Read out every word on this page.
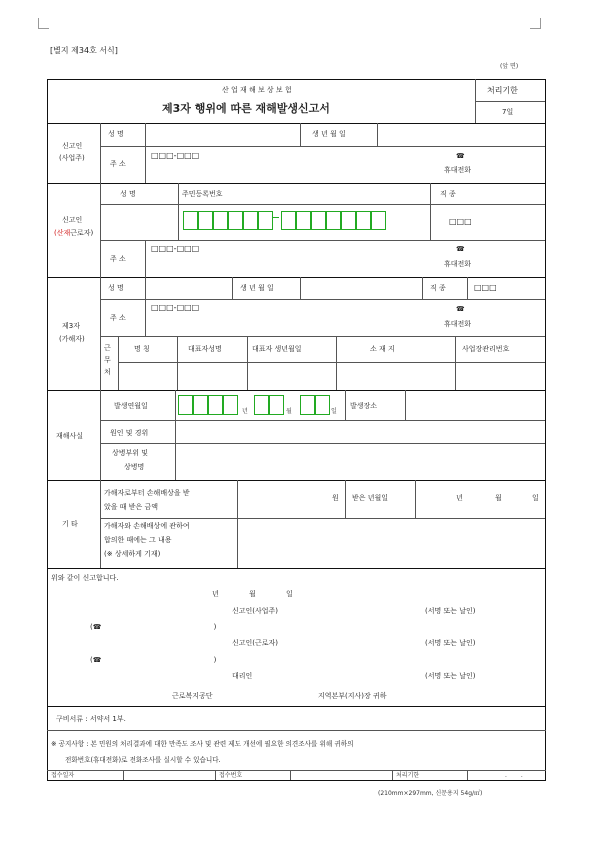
[별지 제34호 서식]
(앞 면)
산 업 재 해 보 상 보 험
제3자 행위에 따른 재해발생신고서
처리기한
7일
신고인
(사업주)
성 명	생 년 월 일
주 소
□□□-□□□	☎
휴대전화
신고인
(산재근로자)
성 명	주민등록번호	직 종
□□□
주 소
□□□-□□□	☎
휴대전화
제3자
(가해자)
성 명	생 년 월 일	직 종	□□□
주 소
□□□-□□□	☎
휴대전화
근무처
명 칭	대표자성명	대표자 생년월일	소 재 지	사업장관리번호
재해사실
발생연월일
년	월	일
발생장소
원인 및 경위
상병부위 및
상병명
기 타
가해자로부터 손해배상을 받
았을 때 받은 금액
원 받은 년월일	년	월	일
가해자와 손해배상에 관하여
합의한 때에는 그 내용
(※ 상세하게 기재)
위와 같이 신고합니다.
년 월 일
신고인(사업주)	(서명 또는 날인)
(☎ )
신고인(근로자)	(서명 또는 날인)
(☎ )
대리인	(서명 또는 날인)
근로복지공단	지역본부(지사)장 귀하
구비서류 : 서약서 1부.
※ 공지사항 : 본 민원의 처리결과에 대한 만족도 조사 및 관련 제도 개선에 필요한 의견조사를 위해 귀하의
전화번호(휴대전화)로 전화조사를 실시할 수 있습니다.
접수일자	접수번호	처리기한	. .
(210mm×297mm, 신문용지 54g/㎡)
